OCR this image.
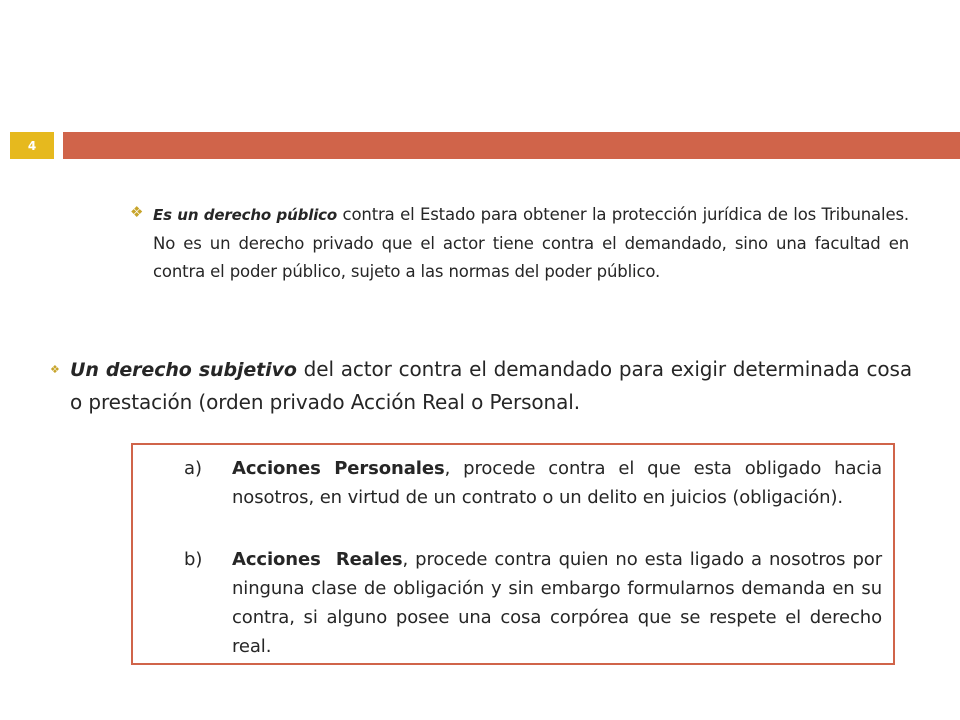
4
❖ Es un derecho público contra el Estado para obtener la protección jurídica de los Tribunales. No es un derecho privado que el actor tiene contra el demandado, sino una facultad en contra el poder público, sujeto a las normas del poder público.
❖ Un derecho subjetivo del actor contra el demandado para exigir determinada cosa o prestación (orden privado Acción Real o Personal.
a)	Acciones Personales, procede contra el que esta obligado hacia nosotros, en virtud de un contrato o un delito en juicios (obligación).
b)	Acciones  Reales, procede contra quien no esta ligado a nosotros por ninguna clase de obligación y sin embargo formularnos demanda en su contra, si alguno posee una cosa corpórea que se respete el derecho real.
